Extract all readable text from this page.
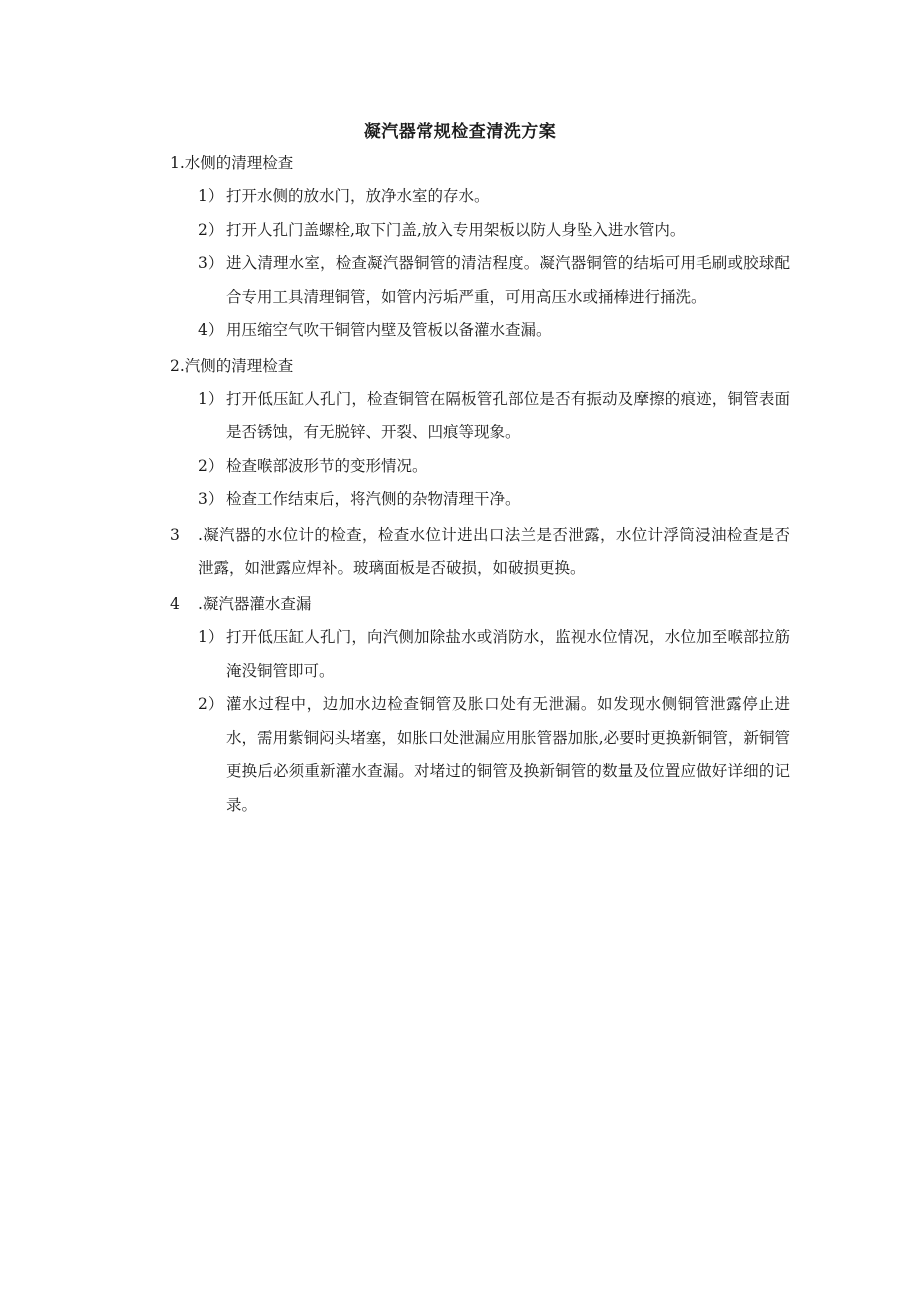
凝汽器常规检查清洗方案
1.水侧的清理检查
1） 打开水侧的放水门，放净水室的存水。
2） 打开人孔门盖螺栓,取下门盖,放入专用架板以防人身坠入进水管内。
3） 进入清理水室，检查凝汽器铜管的清洁程度。凝汽器铜管的结垢可用毛刷或胶球配合专用工具清理铜管，如管内污垢严重，可用高压水或捅棒进行捅洗。
4） 用压缩空气吹干铜管内壁及管板以备灌水查漏。
2.汽侧的清理检查
1） 打开低压缸人孔门，检查铜管在隔板管孔部位是否有振动及摩擦的痕迹，铜管表面是否锈蚀，有无脱锌、开裂、凹痕等现象。
2） 检查喉部波形节的变形情况。
3） 检查工作结束后，将汽侧的杂物清理干净。
3	.凝汽器的水位计的检查，检查水位计进出口法兰是否泄露，水位计浮筒浸油检查是否泄露，如泄露应焊补。玻璃面板是否破损，如破损更换。
4	.凝汽器灌水查漏
1） 打开低压缸人孔门，向汽侧加除盐水或消防水，监视水位情况，水位加至喉部拉筋淹没铜管即可。
2） 灌水过程中，边加水边检查铜管及胀口处有无泄漏。如发现水侧铜管泄露停止进水，需用紫铜闷头堵塞，如胀口处泄漏应用胀管器加胀,必要时更换新铜管，新铜管更换后必须重新灌水查漏。对堵过的铜管及换新铜管的数量及位置应做好详细的记录。
